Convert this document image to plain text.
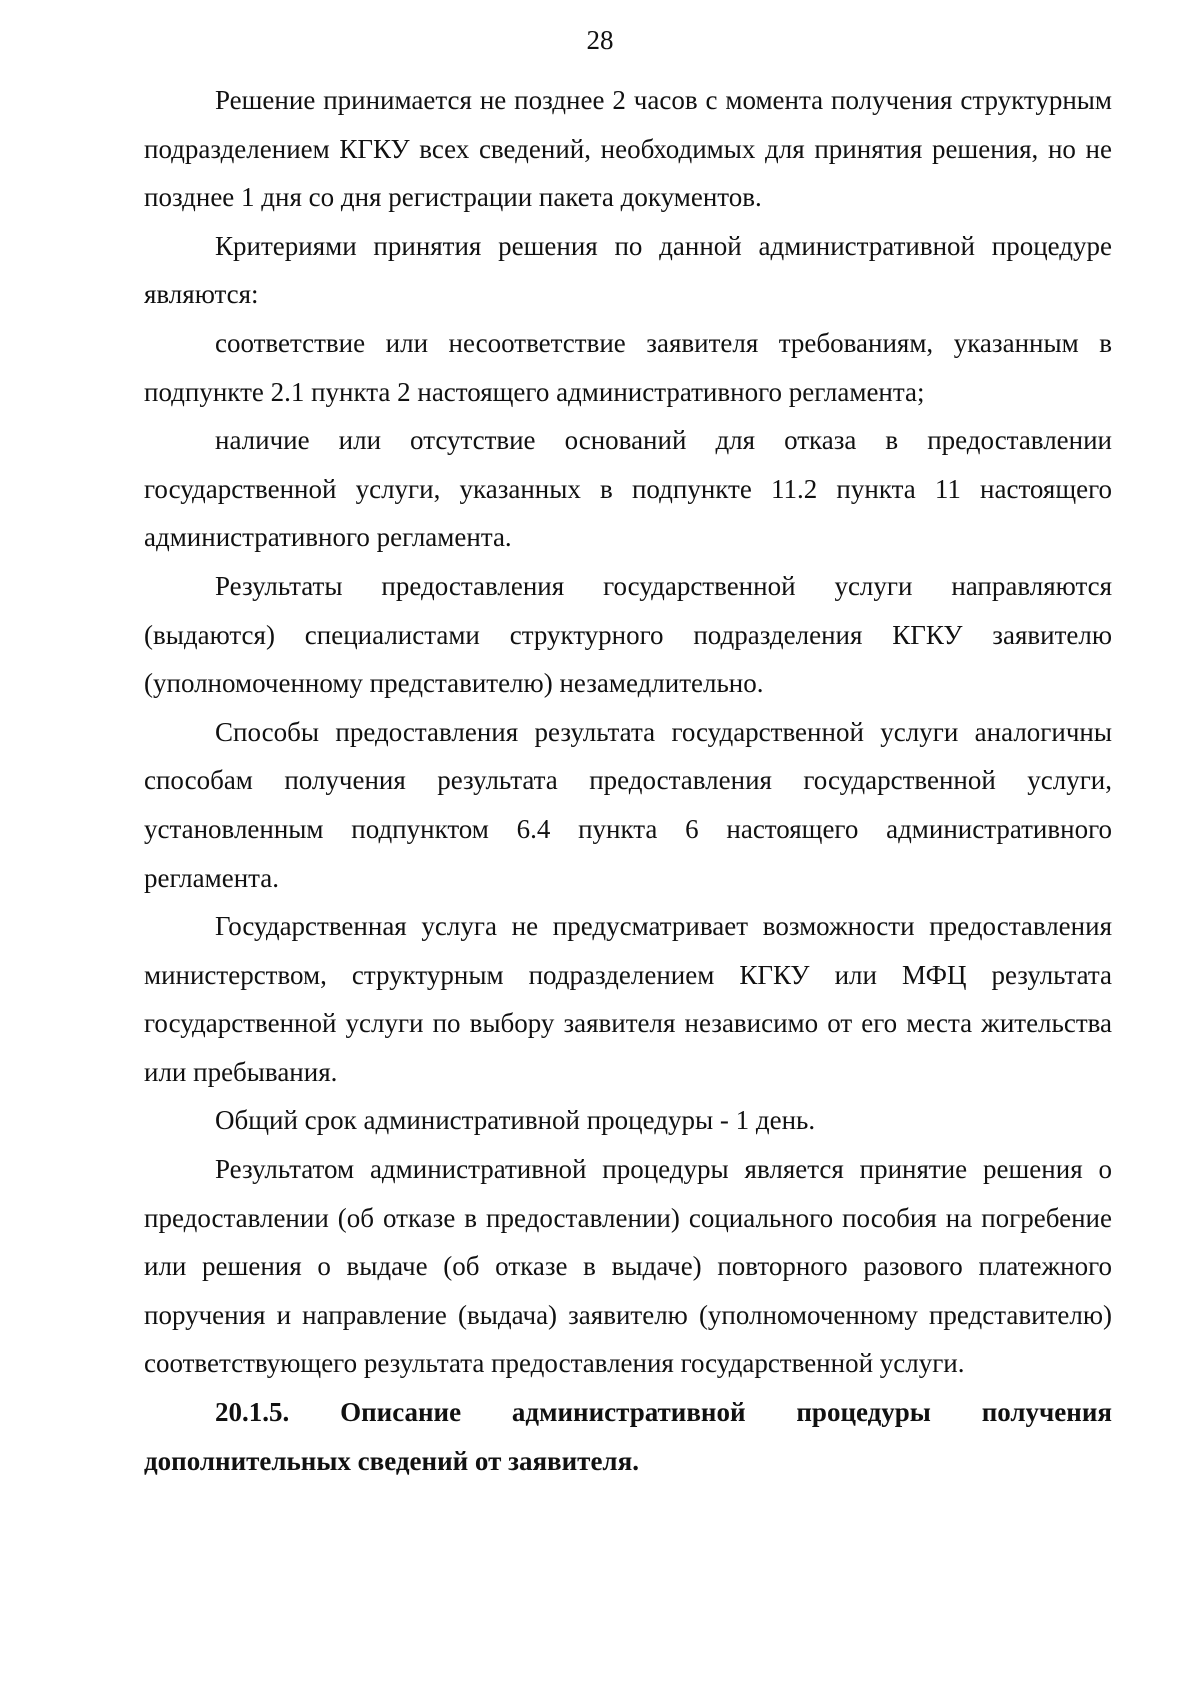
28

Решение принимается не позднее 2 часов с момента получения структурным подразделением КГКУ всех сведений, необходимых для принятия решения, но не позднее 1 дня со дня регистрации пакета документов.

Критериями принятия решения по данной административной процедуре являются:

соответствие или несоответствие заявителя требованиям, указанным в подпункте 2.1 пункта 2 настоящего административного регламента;

наличие или отсутствие оснований для отказа в предоставлении государственной услуги, указанных в подпункте 11.2 пункта 11 настоящего административного регламента.

Результаты предоставления государственной услуги направляются (выдаются) специалистами структурного подразделения КГКУ заявителю (уполномоченному представителю) незамедлительно.

Способы предоставления результата государственной услуги аналогичны способам получения результата предоставления государственной услуги, установленным подпунктом 6.4 пункта 6 настоящего административного регламента.

Государственная услуга не предусматривает возможности предоставления министерством, структурным подразделением КГКУ или МФЦ результата государственной услуги по выбору заявителя независимо от его места жительства или пребывания.

Общий срок административной процедуры - 1 день.

Результатом административной процедуры является принятие решения о предоставлении (об отказе в предоставлении) социального пособия на погребение или решения о выдаче (об отказе в выдаче) повторного разового платежного поручения и направление (выдача) заявителю (уполномоченному представителю) соответствующего результата предоставления государственной услуги.

20.1.5. Описание административной процедуры получения дополнительных сведений от заявителя.
